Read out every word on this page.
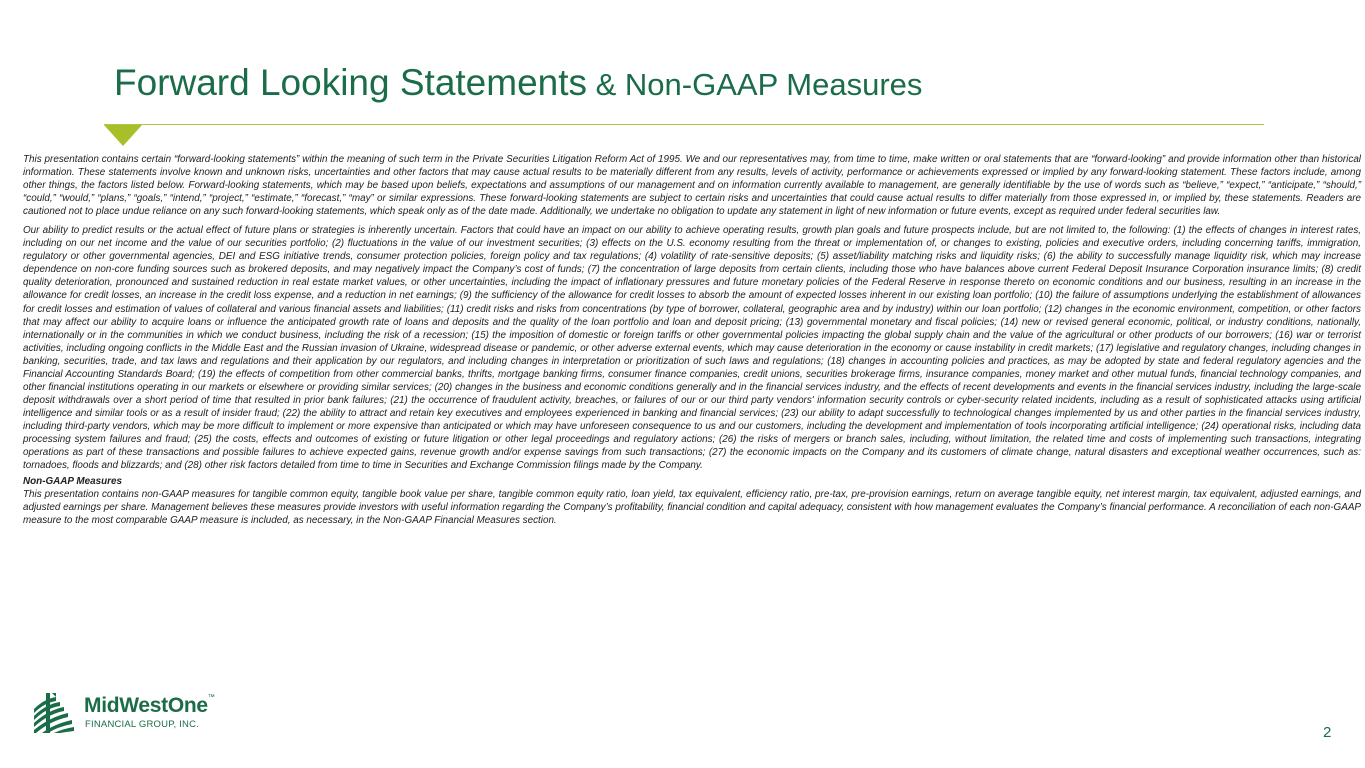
Forward Looking Statements & Non-GAAP Measures

This presentation contains certain “forward-looking statements” within the meaning of such term in the Private Securities Litigation Reform Act of 1995. We and our representatives may, from time to time, make written or oral statements that are “forward-looking” and provide information other than historical information. These statements involve known and unknown risks, uncertainties and other factors that may cause actual results to be materially different from any results, levels of activity, performance or achievements expressed or implied by any forward-looking statement. These factors include, among other things, the factors listed below. Forward-looking statements, which may be based upon beliefs, expectations and assumptions of our management and on information currently available to management, are generally identifiable by the use of words such as “believe,” “expect,” “anticipate,” “should,” “could,” “would,” “plans,” “goals,” “intend,” “project,” “estimate,” “forecast,” “may” or similar expressions. These forward-looking statements are subject to certain risks and uncertainties that could cause actual results to differ materially from those expressed in, or implied by, these statements. Readers are cautioned not to place undue reliance on any such forward-looking statements, which speak only as of the date made. Additionally, we undertake no obligation to update any statement in light of new information or future events, except as required under federal securities law.

Our ability to predict results or the actual effect of future plans or strategies is inherently uncertain. Factors that could have an impact on our ability to achieve operating results, growth plan goals and future prospects include, but are not limited to, the following: (1) the effects of changes in interest rates, including on our net income and the value of our securities portfolio; (2) fluctuations in the value of our investment securities; (3) effects on the U.S. economy resulting from the threat or implementation of, or changes to existing, policies and executive orders, including concerning tariffs, immigration, regulatory or other governmental agencies, DEI and ESG initiative trends, consumer protection policies, foreign policy and tax regulations; (4) volatility of rate-sensitive deposits; (5) asset/liability matching risks and liquidity risks; (6) the ability to successfully manage liquidity risk, which may increase dependence on non-core funding sources such as brokered deposits, and may negatively impact the Company’s cost of funds; (7) the concentration of large deposits from certain clients, including those who have balances above current Federal Deposit Insurance Corporation insurance limits; (8) credit quality deterioration, pronounced and sustained reduction in real estate market values, or other uncertainties, including the impact of inflationary pressures and future monetary policies of the Federal Reserve in response thereto on economic conditions and our business, resulting in an increase in the allowance for credit losses, an increase in the credit loss expense, and a reduction in net earnings; (9) the sufficiency of the allowance for credit losses to absorb the amount of expected losses inherent in our existing loan portfolio; (10) the failure of assumptions underlying the establishment of allowances for credit losses and estimation of values of collateral and various financial assets and liabilities; (11) credit risks and risks from concentrations (by type of borrower, collateral, geographic area and by industry) within our loan portfolio; (12) changes in the economic environment, competition, or other factors that may affect our ability to acquire loans or influence the anticipated growth rate of loans and deposits and the quality of the loan portfolio and loan and deposit pricing; (13) governmental monetary and fiscal policies; (14) new or revised general economic, political, or industry conditions, nationally, internationally or in the communities in which we conduct business, including the risk of a recession; (15) the imposition of domestic or foreign tariffs or other governmental policies impacting the global supply chain and the value of the agricultural or other products of our borrowers; (16) war or terrorist activities, including ongoing conflicts in the Middle East and the Russian invasion of Ukraine, widespread disease or pandemic, or other adverse external events, which may cause deterioration in the economy or cause instability in credit markets; (17) legislative and regulatory changes, including changes in banking, securities, trade, and tax laws and regulations and their application by our regulators, and including changes in interpretation or prioritization of such laws and regulations; (18) changes in accounting policies and practices, as may be adopted by state and federal regulatory agencies and the Financial Accounting Standards Board; (19) the effects of competition from other commercial banks, thrifts, mortgage banking firms, consumer finance companies, credit unions, securities brokerage firms, insurance companies, money market and other mutual funds, financial technology companies, and other financial institutions operating in our markets or elsewhere or providing similar services; (20) changes in the business and economic conditions generally and in the financial services industry, and the effects of recent developments and events in the financial services industry, including the large-scale deposit withdrawals over a short period of time that resulted in prior bank failures; (21) the occurrence of fraudulent activity, breaches, or failures of our or our third party vendors' information security controls or cyber-security related incidents, including as a result of sophisticated attacks using artificial intelligence and similar tools or as a result of insider fraud; (22) the ability to attract and retain key executives and employees experienced in banking and financial services; (23) our ability to adapt successfully to technological changes implemented by us and other parties in the financial services industry, including third-party vendors, which may be more difficult to implement or more expensive than anticipated or which may have unforeseen consequence to us and our customers, including the development and implementation of tools incorporating artificial intelligence; (24) operational risks, including data processing system failures and fraud; (25) the costs, effects and outcomes of existing or future litigation or other legal proceedings and regulatory actions; (26) the risks of mergers or branch sales, including, without limitation, the related time and costs of implementing such transactions, integrating operations as part of these transactions and possible failures to achieve expected gains, revenue growth and/or expense savings from such transactions; (27) the economic impacts on the Company and its customers of climate change, natural disasters and exceptional weather occurrences, such as: tornadoes, floods and blizzards; and (28) other risk factors detailed from time to time in Securities and Exchange Commission filings made by the Company.

Non-GAAP Measures

This presentation contains non-GAAP measures for tangible common equity, tangible book value per share, tangible common equity ratio, loan yield, tax equivalent, efficiency ratio, pre-tax, pre-provision earnings, return on average tangible equity, net interest margin, tax equivalent, adjusted earnings, and adjusted earnings per share. Management believes these measures provide investors with useful information regarding the Company’s profitability, financial condition and capital adequacy, consistent with how management evaluates the Company’s financial performance. A reconciliation of each non-GAAP measure to the most comparable GAAP measure is included, as necessary, in the Non-GAAP Financial Measures section.

MidWestOne™
FINANCIAL GROUP, INC.	2
